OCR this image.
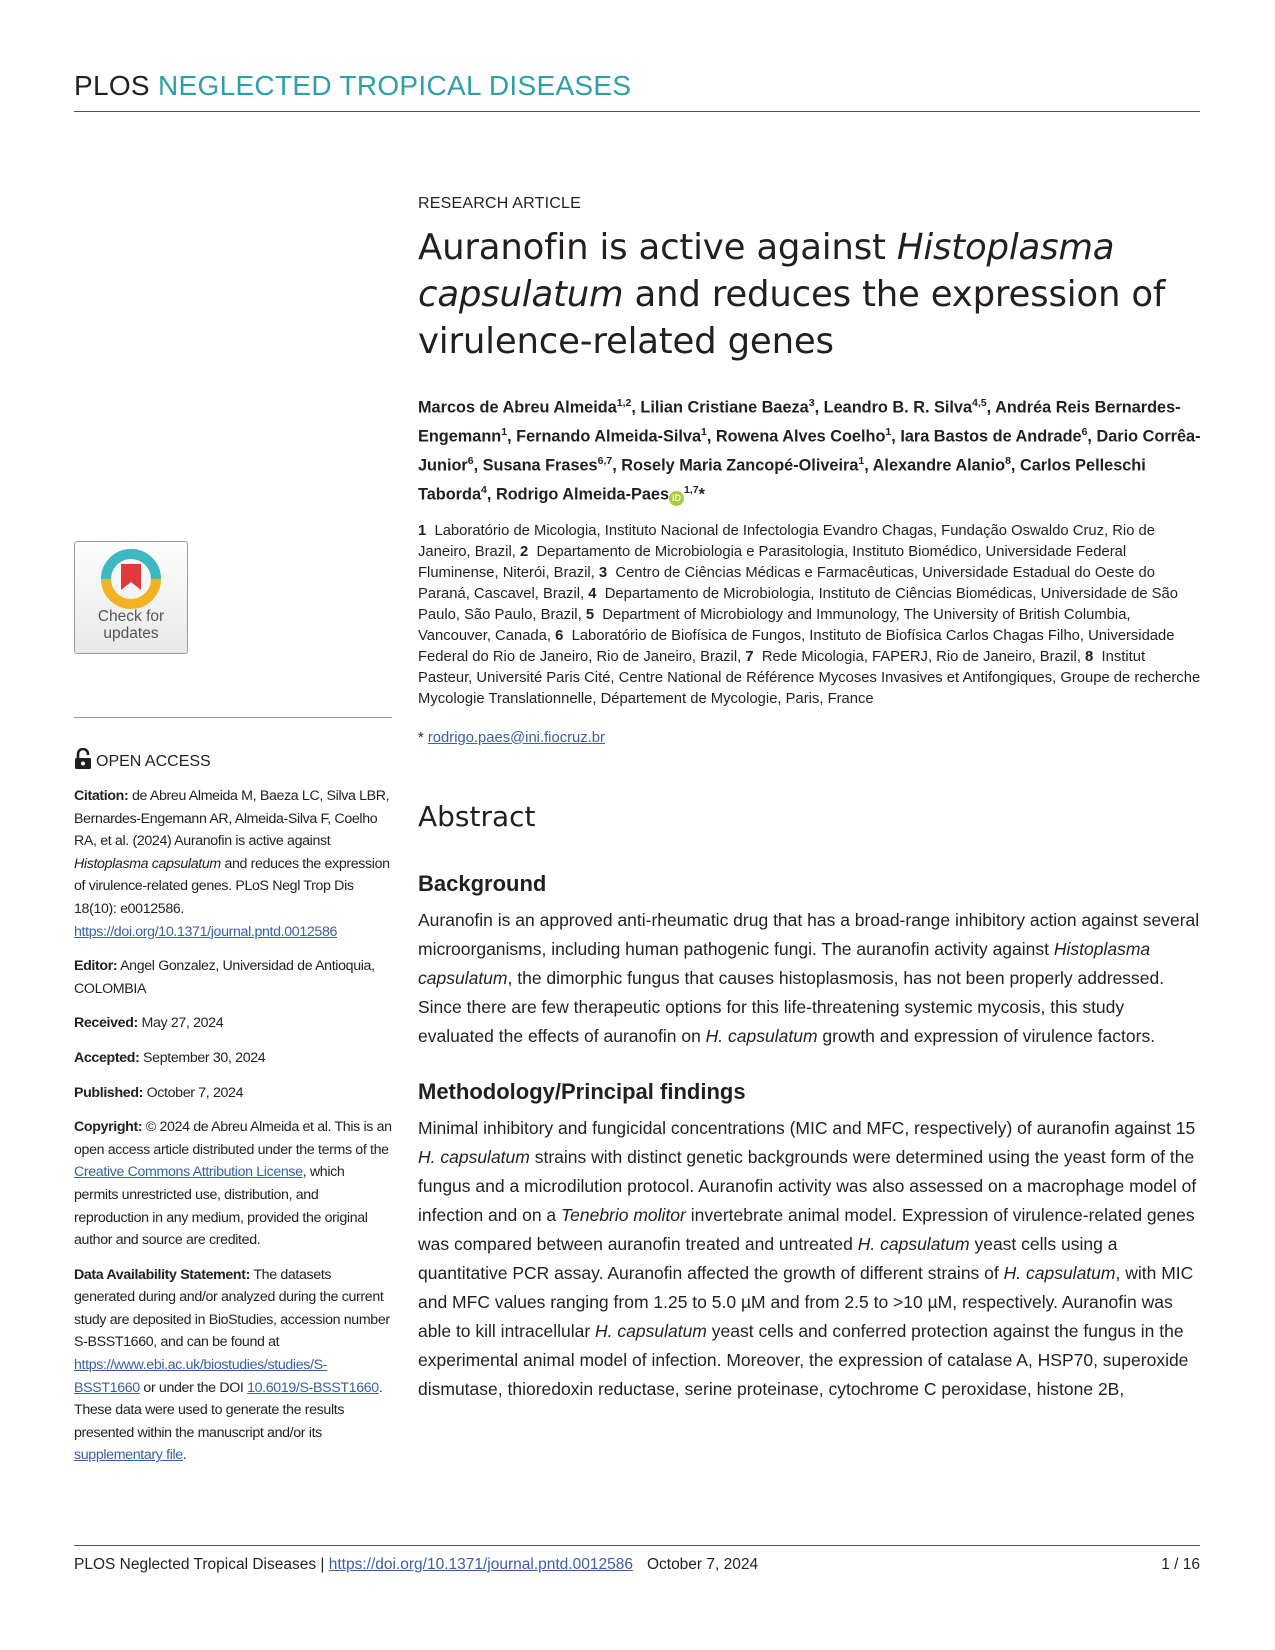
PLOS NEGLECTED TROPICAL DISEASES

RESEARCH ARTICLE

Auranofin is active against Histoplasma capsulatum and reduces the expression of virulence-related genes
Marcos de Abreu Almeida$^{1,2}$, Lilian Cristiane Baeza$^3$, Leandro B. R. Silva$^{4,5}$, Andréa Reis Bernardes-Engemann$^1$, Fernando Almeida-Silva$^1$, Rowena Alves Coelho$^1$, Iara Bastos de Andrade$^6$, Dario Corrêa-Junior$^6$, Susana Frases$^{6,7}$, Rosely Maria Zancopé-Oliveira$^1$, Alexandre Alanio$^8$, Carlos Pelleschi Taborda$^4$, Rodrigo Almeida-Paes iD$^{1,7}$*
1 Laboratório de Micologia, Instituto Nacional de Infectologia Evandro Chagas, Fundação Oswaldo Cruz, Rio de Janeiro, Brazil, 2 Departamento de Microbiologia e Parasitologia, Instituto Biomédico, Universidade Federal Fluminense, Niterói, Brazil, 3 Centro de Ciências Médicas e Farmacêuticas, Universidade Estadual do Oeste do Paraná, Cascavel, Brazil, 4 Departamento de Microbiologia, Instituto de Ciências Biomédicas, Universidade de São Paulo, São Paulo, Brazil, 5 Department of Microbiology and Immunology, The University of British Columbia, Vancouver, Canada, 6 Laboratório de Biofísica de Fungos, Instituto de Biofísica Carlos Chagas Filho, Universidade Federal do Rio de Janeiro, Rio de Janeiro, Brazil, 7 Rede Micologia, FAPERJ, Rio de Janeiro, Brazil, 8 Institut Pasteur, Université Paris Cité, Centre National de Référence Mycoses Invasives et Antifongiques, Groupe de recherche Mycologie Translationnelle, Département de Mycologie, Paris, France
* rodrigo.paes@ini.fiocruz.br
Abstract
Background

Auranofin is an approved anti-rheumatic drug that has a broad-range inhibitory action against several microorganisms, including human pathogenic fungi. The auranofin activity against Histoplasma capsulatum, the dimorphic fungus that causes histoplasmosis, has not been properly addressed. Since there are few therapeutic options for this life-threatening systemic mycosis, this study evaluated the effects of auranofin on H. capsulatum growth and expression of virulence factors.

Methodology/Principal findings

Minimal inhibitory and fungicidal concentrations (MIC and MFC, respectively) of auranofin against 15 H. capsulatum strains with distinct genetic backgrounds were determined using the yeast form of the fungus and a microdilution protocol. Auranofin activity was also assessed on a macrophage model of infection and on a Tenebrio molitor invertebrate animal model. Expression of virulence-related genes was compared between auranofin treated and untreated H. capsulatum yeast cells using a quantitative PCR assay. Auranofin affected the growth of different strains of H. capsulatum, with MIC and MFC values ranging from 1.25 to 5.0 µM and from 2.5 to >10 µM, respectively. Auranofin was able to kill intracellular H. capsulatum yeast cells and conferred protection against the fungus in the experimental animal model of infection. Moreover, the expression of catalase A, HSP70, superoxide dismutase, thioredoxin reductase, serine proteinase, cytochrome C peroxidase, histone 2B,

Check for
updates
OPEN ACCESS

Citation: de Abreu Almeida M, Baeza LC, Silva LBR, Bernardes-Engemann AR, Almeida-Silva F, Coelho RA, et al. (2024) Auranofin is active against Histoplasma capsulatum and reduces the expression of virulence-related genes. PLoS Negl Trop Dis 18(10): e0012586. https://doi.org/10.1371/journal.pntd.0012586

Editor: Angel Gonzalez, Universidad de Antioquia, COLOMBIA

Received: May 27, 2024

Accepted: September 30, 2024

Published: October 7, 2024

Copyright: © 2024 de Abreu Almeida et al. This is an open access article distributed under the terms of the Creative Commons Attribution License, which permits unrestricted use, distribution, and reproduction in any medium, provided the original author and source are credited.

Data Availability Statement: The datasets generated during and/or analyzed during the current study are deposited in BioStudies, accession number S-BSST1660, and can be found at https://www.ebi.ac.uk/biostudies/studies/S-BSST1660 or under the DOI 10.6019/S-BSST1660. These data were used to generate the results presented within the manuscript and/or its supplementary file.

PLOS Neglected Tropical Diseases | https://doi.org/10.1371/journal.pntd.0012586 October 7, 2024	1 / 16
